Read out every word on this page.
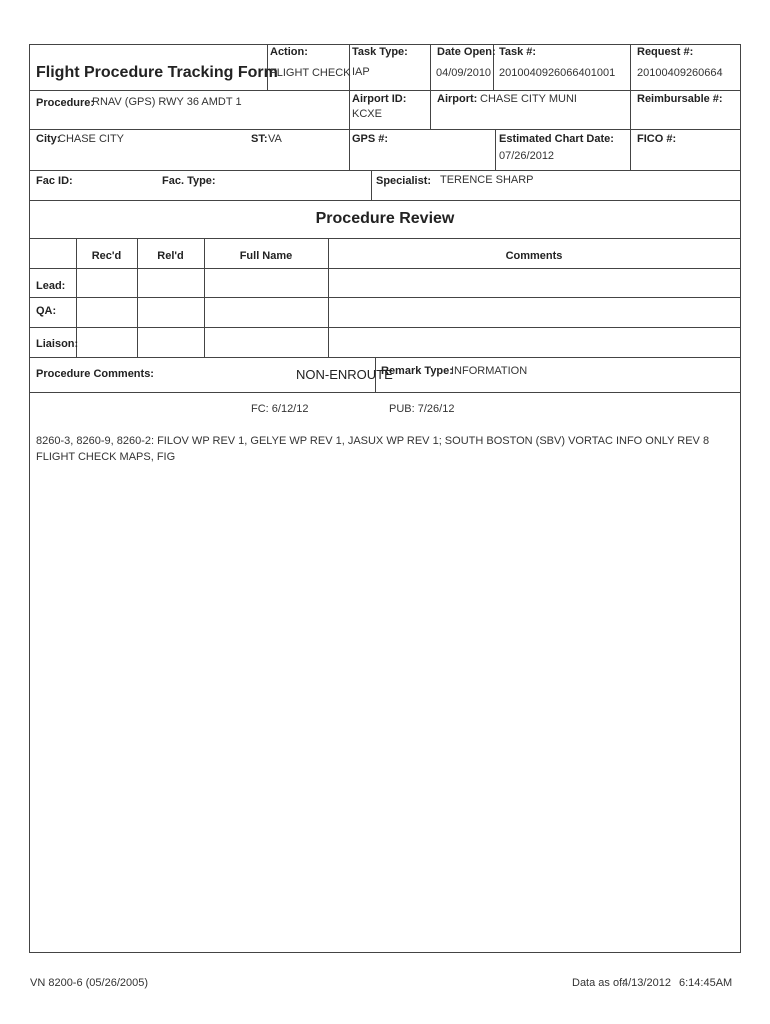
Flight Procedure Tracking Form
Action:
FLIGHT CHECK
Task Type:
IAP
Date Open:
04/09/2010
Task #:
2010040926066401001
Request #:
20100409260664
Procedure:
RNAV (GPS) RWY 36 AMDT 1	Airport ID:
KCXE
Airport: CHASE CITY MUNI	Reimbursable #:
City:
CHASE CITY	ST: VA	GPS #:	Estimated Chart Date:
07/26/2012
FICO #:
Fac ID:	Fac. Type:	Specialist: TERENCE SHARP
Procedure Review
Rec'd	Rel'd	Full Name	Comments
Lead:
QA:
Liaison:
Procedure Comments:	NON-ENROUTE
Remark Type:
INFORMATION
FC: 6/12/12	PUB: 7/26/12
8260-3, 8260-9, 8260-2: FILOV WP REV 1, GELYE WP REV 1, JASUX WP REV 1; SOUTH BOSTON (SBV) VORTAC INFO ONLY REV 8
FLIGHT CHECK MAPS, FIG
VN 8200-6 (05/26/2005)	Data as of:
4/13/2012 6:14:45AM
